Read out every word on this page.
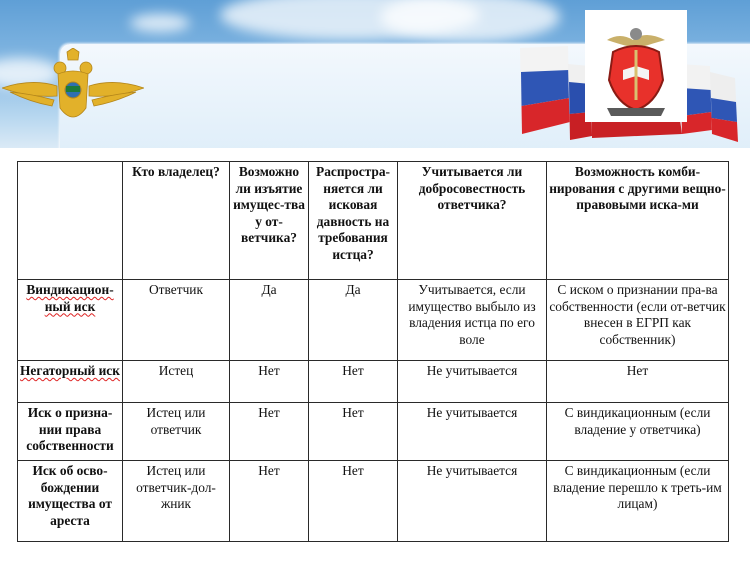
	Кто владелец?	Возможно ли изъятие имущес-тва у от-ветчика?	Распростра-няется ли исковая давность на требования истца?	Учитывается ли добросовестность ответчика?	Возможность комби-нирования с другими вещно-правовыми иска-ми
Виндикацион-ный иск	Ответчик	Да	Да	Учитывается, если имущество выбыло из владения истца по его воле	С иском о признании пра-ва собственности (если от-ветчик внесен в ЕГРП как собственник)
Негаторный иск	Истец	Нет	Нет	Не учитывается	Нет
Иск о призна-нии права собственности	Истец или ответчик	Нет	Нет	Не учитывается	С виндикационным (если владение у ответчика)
Иск об осво-бождении имущества от ареста	Истец или ответчик-дол-жник	Нет	Нет	Не учитывается	С виндикационным (если владение перешло к треть-им лицам)
